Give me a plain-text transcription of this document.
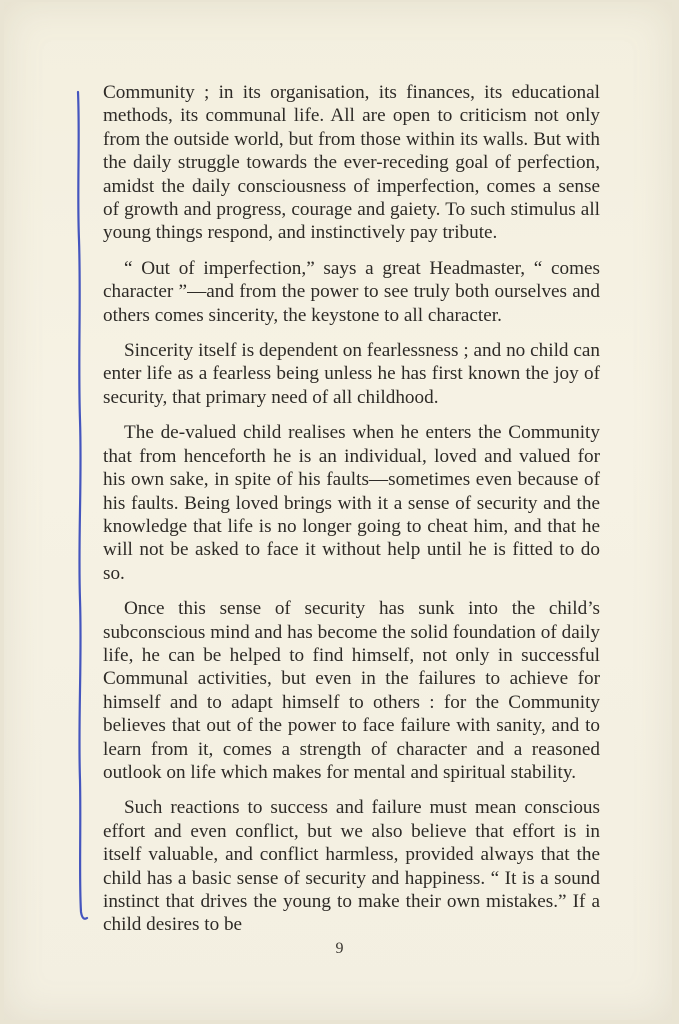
Community ; in its organisation, its finances, its educational methods, its communal life. All are open to criticism not only from the outside world, but from those within its walls. But with the daily struggle towards the ever-receding goal of perfection, amidst the daily consciousness of imperfection, comes a sense of growth and progress, courage and gaiety. To such stimulus all young things respond, and instinctively pay tribute.

“ Out of imperfection,” says a great Headmaster, “ comes character ”—and from the power to see truly both ourselves and others comes sincerity, the keystone to all character.

Sincerity itself is dependent on fearlessness ; and no child can enter life as a fearless being unless he has first known the joy of security, that primary need of all childhood.

The de-valued child realises when he enters the Community that from henceforth he is an individual, loved and valued for his own sake, in spite of his faults—sometimes even because of his faults. Being loved brings with it a sense of security and the knowledge that life is no longer going to cheat him, and that he will not be asked to face it without help until he is fitted to do so.

Once this sense of security has sunk into the child’s subconscious mind and has become the solid foundation of daily life, he can be helped to find himself, not only in successful Communal activities, but even in the failures to achieve for himself and to adapt himself to others : for the Community believes that out of the power to face failure with sanity, and to learn from it, comes a strength of character and a reasoned outlook on life which makes for mental and spiritual stability.

Such reactions to success and failure must mean conscious effort and even conflict, but we also believe that effort is in itself valuable, and conflict harmless, provided always that the child has a basic sense of security and happiness. “ It is a sound instinct that drives the young to make their own mistakes.” If a child desires to be

9
